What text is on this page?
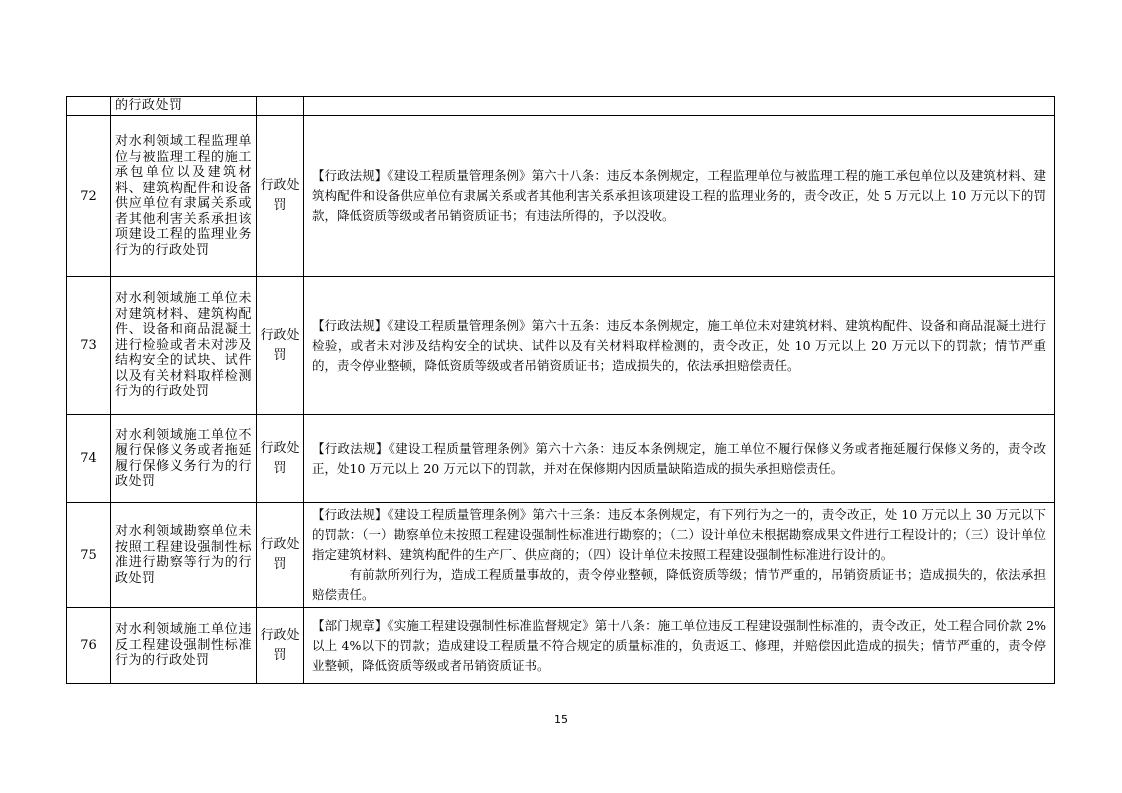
	的行政处罚		
72	对水利领域工程监理单位与被监理工程的施工承包单位以及建筑材料、建筑构配件和设备供应单位有隶属关系或者其他利害关系承担该项建设工程的监理业务行为的行政处罚	行政处罚	【行政法规】《建设工程质量管理条例》第六十八条：违反本条例规定，工程监理单位与被监理工程的施工承包单位以及建筑材料、建筑构配件和设备供应单位有隶属关系或者其他利害关系承担该项建设工程的监理业务的，责令改正，处 5 万元以上 10 万元以下的罚款，降低资质等级或者吊销资质证书；有违法所得的，予以没收。

73	对水利领域施工单位未对建筑材料、建筑构配件、设备和商品混凝土进行检验或者未对涉及结构安全的试块、试件以及有关材料取样检测行为的行政处罚	行政处罚	【行政法规】《建设工程质量管理条例》第六十五条：违反本条例规定，施工单位未对建筑材料、建筑构配件、设备和商品混凝土进行检验，或者未对涉及结构安全的试块、试件以及有关材料取样检测的，责令改正，处 10 万元以上 20 万元以下的罚款；情节严重的，责令停业整顿，降低资质等级或者吊销资质证书；造成损失的，依法承担赔偿责任。

74	对水利领域施工单位不履行保修义务或者拖延履行保修义务行为的行政处罚	行政处罚	【行政法规】《建设工程质量管理条例》第六十六条：违反本条例规定，施工单位不履行保修义务或者拖延履行保修义务的，责令改正，处10 万元以上 20 万元以下的罚款，并对在保修期内因质量缺陷造成的损失承担赔偿责任。

75	对水利领域勘察单位未按照工程建设强制性标准进行勘察等行为的行政处罚	行政处罚	【行政法规】《建设工程质量管理条例》第六十三条：违反本条例规定，有下列行为之一的，责令改正，处 10 万元以上 30 万元以下的罚款：（一）勘察单位未按照工程建设强制性标准进行勘察的；（二）设计单位未根据勘察成果文件进行工程设计的；（三）设计单位指定建筑材料、建筑构配件的生产厂、供应商的；（四）设计单位未按照工程建设强制性标准进行设计的。

有前款所列行为，造成工程质量事故的，责令停业整顿，降低资质等级；情节严重的，吊销资质证书；造成损失的，依法承担赔偿责任。

76	对水利领域施工单位违反工程建设强制性标准行为的行政处罚	行政处罚	【部门规章】《实施工程建设强制性标准监督规定》第十八条：施工单位违反工程建设强制性标准的，责令改正，处工程合同价款 2%以上 4%以下的罚款；造成建设工程质量不符合规定的质量标准的，负责返工、修理，并赔偿因此造成的损失；情节严重的，责令停业整顿，降低资质等级或者吊销资质证书。

15
